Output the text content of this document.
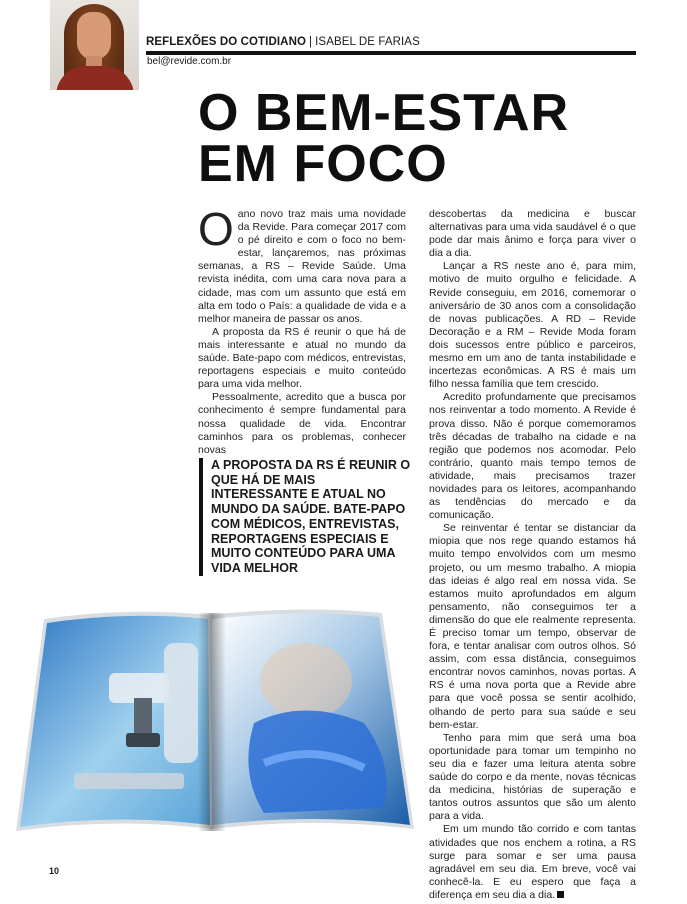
REFLEXÕES DO COTIDIANO | ISABEL DE FARIAS
bel@revide.com.br
O BEM-ESTAR
EM FOCO

O ano novo traz mais uma novidade da Revide. Para começar 2017 com o pé direito e com o foco no bem-estar, lançaremos, nas próximas semanas, a RS – Revide Saúde. Uma revista inédita, com uma cara nova para a cidade, mas com um assunto que está em alta em todo o País: a qualidade de vida e a melhor maneira de passar os anos.

A proposta da RS é reunir o que há de mais interessante e atual no mundo da saúde. Bate-papo com médicos, entrevistas, reportagens especiais e muito conteúdo para uma vida melhor.

Pessoalmente, acredito que a busca por conhecimento é sempre fundamental para nossa qualidade de vida. Encontrar caminhos para os problemas, conhecer novas

A PROPOSTA DA RS É REUNIR O QUE HÁ DE MAIS INTERESSANTE E ATUAL NO MUNDO DA SAÚDE. BATE-PAPO COM MÉDICOS, ENTREVISTAS, REPORTAGENS ESPECIAIS E MUITO CONTEÚDO PARA UMA VIDA MELHOR

descobertas da medicina e buscar alternativas para uma vida saudável é o que pode dar mais ânimo e força para viver o dia a dia.

Lançar a RS neste ano é, para mim, motivo de muito orgulho e felicidade. A Revide conseguiu, em 2016, comemorar o aniversário de 30 anos com a consolidação de novas publicações. A RD – Revide Decoração e a RM – Revide Moda foram dois sucessos entre público e parceiros, mesmo em um ano de tanta instabilidade e incertezas econômicas. A RS é mais um filho nessa família que tem crescido.

Acredito profundamente que precisamos nos reinventar a todo momento. A Revide é prova disso. Não é porque comemoramos três décadas de trabalho na cidade e na região que podemos nos acomodar. Pelo contrário, quanto mais tempo temos de atividade, mais precisamos trazer novidades para os leitores, acompanhando as tendências do mercado e da comunicação.

Se reinventar é tentar se distanciar da miopia que nos rege quando estamos há muito tempo envolvidos com um mesmo projeto, ou um mesmo trabalho. A miopia das ideias é algo real em nossa vida. Se estamos muito aprofundados em algum pensamento, não conseguimos ter a dimensão do que ele realmente representa. É preciso tomar um tempo, observar de fora, e tentar analisar com outros olhos. Só assim, com essa distância, conseguimos encontrar novos caminhos, novas portas. A RS é uma nova porta que a Revide abre para que você possa se sentir acolhido, olhando de perto para sua saúde e seu bem-estar.

Tenho para mim que será uma boa oportunidade para tomar um tempinho no seu dia e fazer uma leitura atenta sobre saúde do corpo e da mente, novas técnicas da medicina, histórias de superação e tantos outros assuntos que são um alento para a vida.

Em um mundo tão corrido e com tantas atividades que nos enchem a rotina, a RS surge para somar e ser uma pausa agradável em seu dia. Em breve, você vai conhecê-la. E eu espero que faça a diferença em seu dia a dia.

10
